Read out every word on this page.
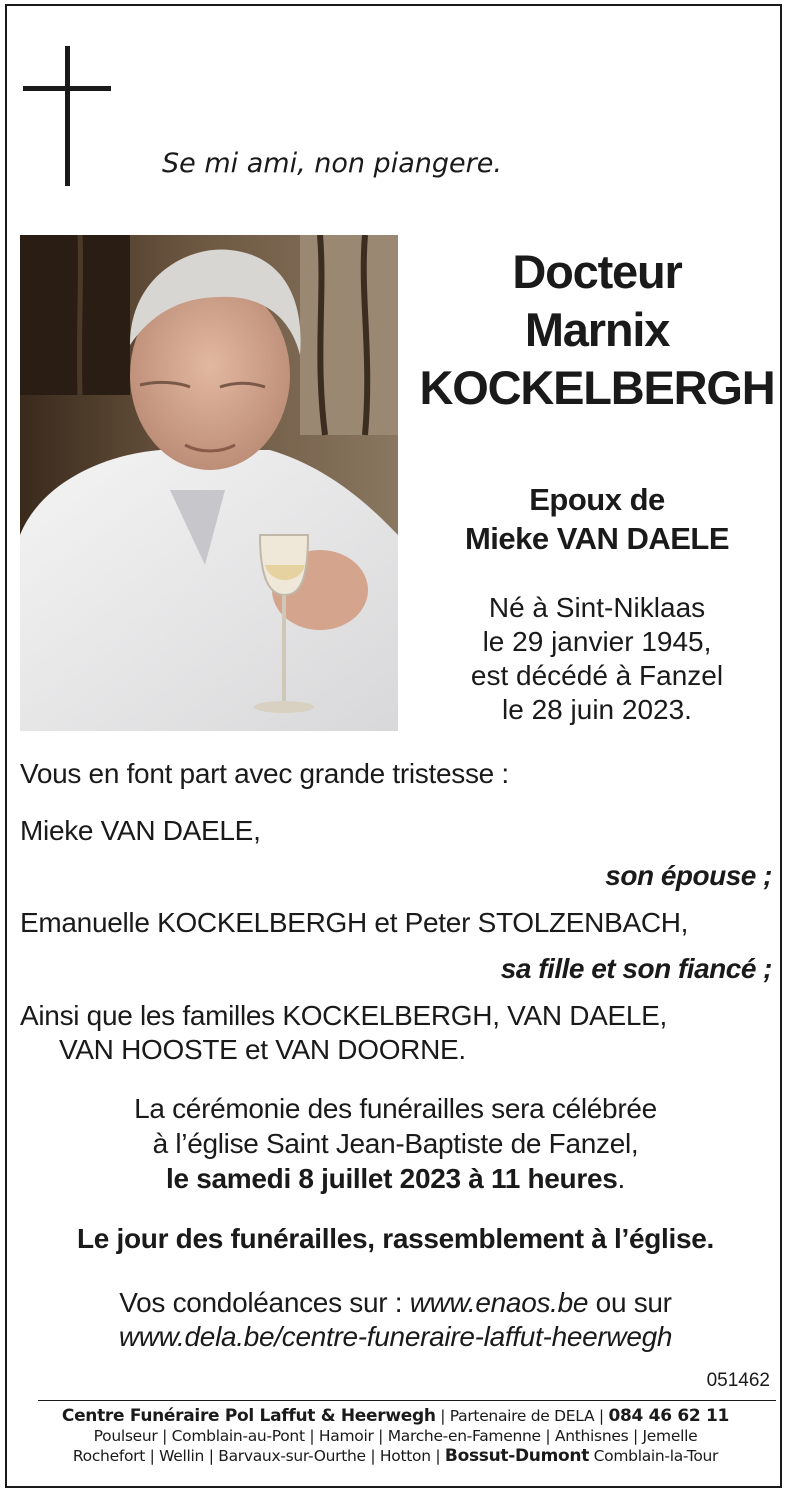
Se mi ami, non piangere.
Docteur
Marnix
KOCKELBERGH
Epoux de
Mieke VAN DAELE
Né à Sint-Niklaas
le 29 janvier 1945,
est décédé à Fanzel
le 28 juin 2023.
Vous en font part avec grande tristesse :
Mieke VAN DAELE,
son épouse ;
Emanuelle KOCKELBERGH et Peter STOLZENBACH,
sa fille et son fiancé ;
Ainsi que les familles KOCKELBERGH, VAN DAELE,
VAN HOOSTE et VAN DOORNE.
La cérémonie des funérailles sera célébrée
à l’église Saint Jean-Baptiste de Fanzel,
le samedi 8 juillet 2023 à 11 heures.
Le jour des funérailles, rassemblement à l’église.
Vos condoléances sur : www.enaos.be ou sur
www.dela.be/centre-funeraire-laffut-heerwegh
051462
Centre Funéraire Pol Laffut & Heerwegh | Partenaire de DELA | 084 46 62 11
Poulseur | Comblain-au-Pont | Hamoir | Marche-en-Famenne | Anthisnes | Jemelle
Rochefort | Wellin | Barvaux-sur-Ourthe | Hotton | Bossut-Dumont Comblain-la-Tour
